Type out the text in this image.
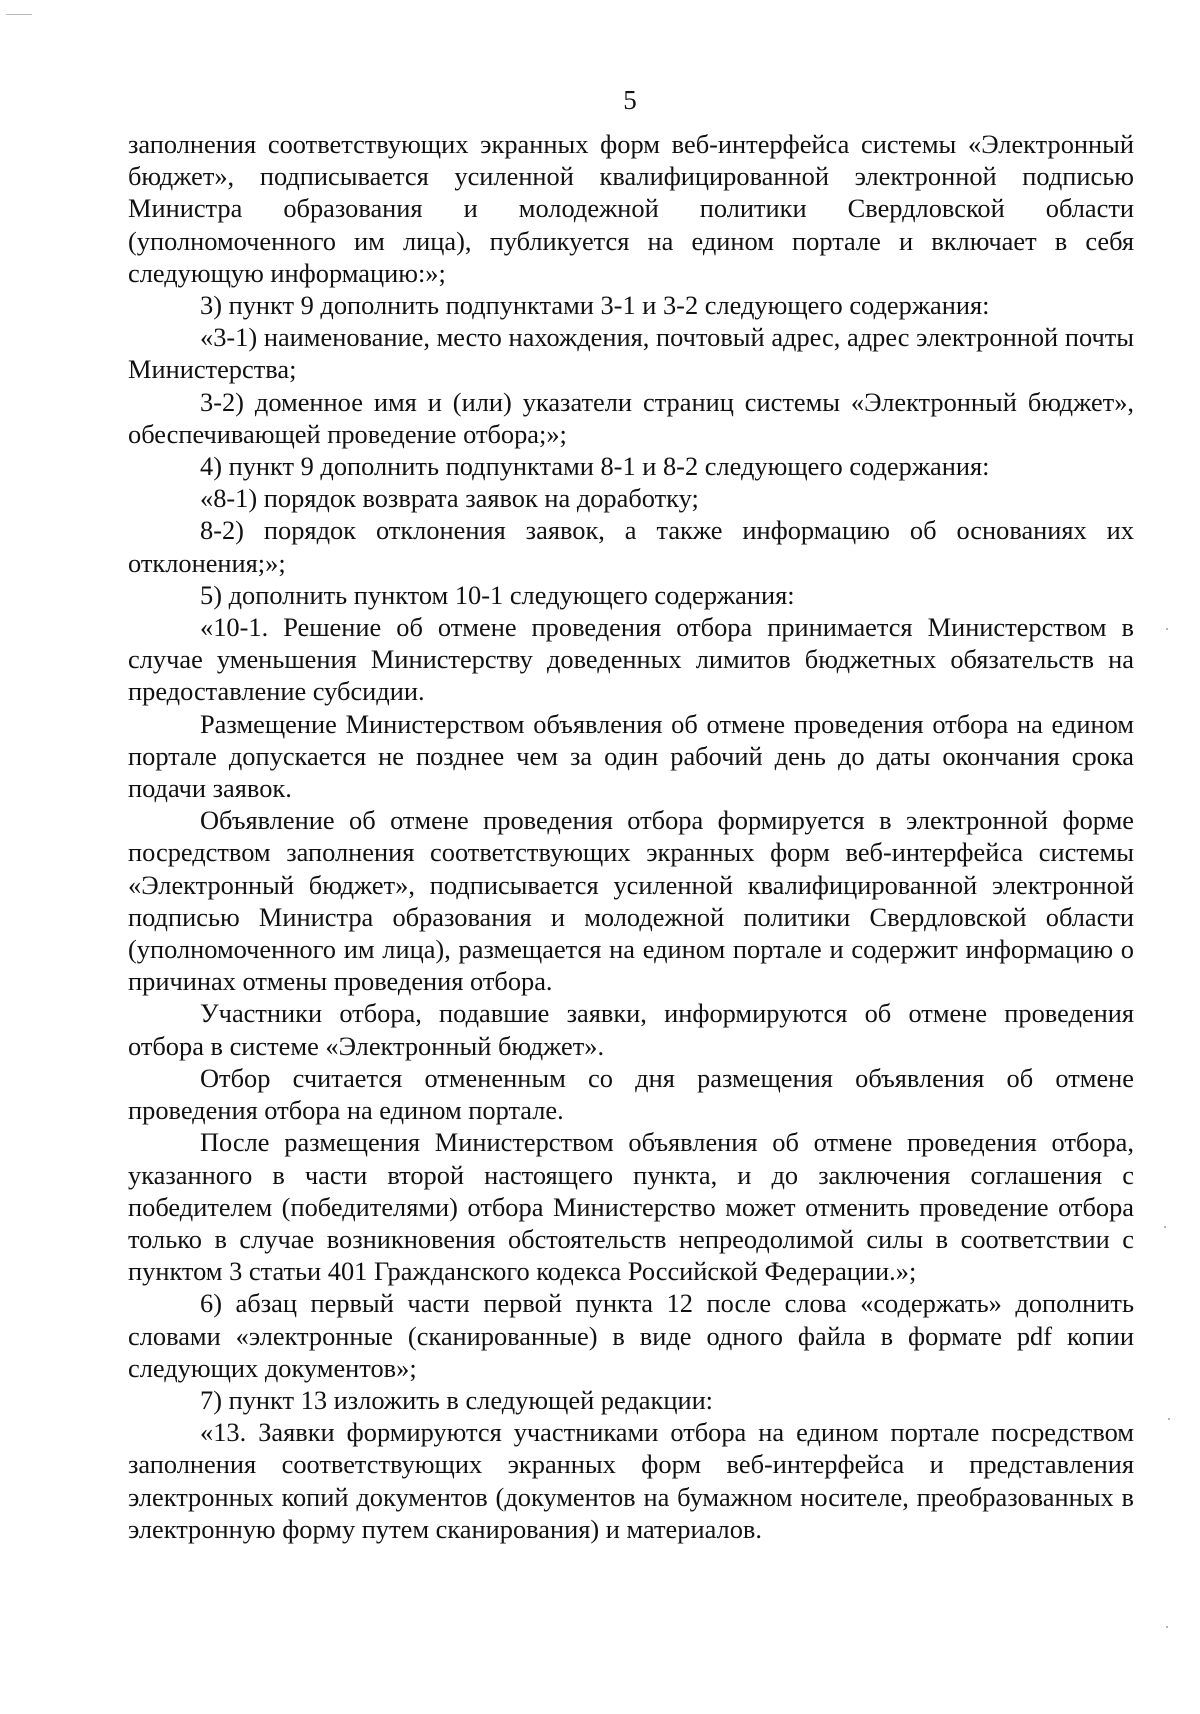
5

заполнения соответствующих экранных форм веб-интерфейса системы «Электронный бюджет», подписывается усиленной квалифицированной электронной подписью Министра образования и молодежной политики Свердловской области (уполномоченного им лица), публикуется на едином портале и включает в себя следующую информацию:»;

3) пункт 9 дополнить подпунктами 3-1 и 3-2 следующего содержания:

«3-1) наименование, место нахождения, почтовый адрес, адрес электронной почты Министерства;

3-2) доменное имя и (или) указатели страниц системы «Электронный бюджет», обеспечивающей проведение отбора;»;

4) пункт 9 дополнить подпунктами 8-1 и 8-2 следующего содержания:

«8-1) порядок возврата заявок на доработку;

8-2) порядок отклонения заявок, а также информацию об основаниях их отклонения;»;

5) дополнить пунктом 10-1 следующего содержания:

«10-1. Решение об отмене проведения отбора принимается Министерством в случае уменьшения Министерству доведенных лимитов бюджетных обязательств на предоставление субсидии.

Размещение Министерством объявления об отмене проведения отбора на едином портале допускается не позднее чем за один рабочий день до даты окончания срока подачи заявок.

Объявление об отмене проведения отбора формируется в электронной форме посредством заполнения соответствующих экранных форм веб-интерфейса системы «Электронный бюджет», подписывается усиленной квалифицированной электронной подписью Министра образования и молодежной политики Свердловской области (уполномоченного им лица), размещается на едином портале и содержит информацию о причинах отмены проведения отбора.

Участники отбора, подавшие заявки, информируются об отмене проведения отбора в системе «Электронный бюджет».

Отбор считается отмененным со дня размещения объявления об отмене проведения отбора на едином портале.

После размещения Министерством объявления об отмене проведения отбора, указанного в части второй настоящего пункта, и до заключения соглашения с победителем (победителями) отбора Министерство может отменить проведение отбора только в случае возникновения обстоятельств непреодолимой силы в соответствии с пунктом 3 статьи 401 Гражданского кодекса Российской Федерации.»;

6) абзац первый части первой пункта 12 после слова «содержать» дополнить словами «электронные (сканированные) в виде одного файла в формате pdf копии следующих документов»;

7) пункт 13 изложить в следующей редакции:

«13. Заявки формируются участниками отбора на едином портале посредством заполнения соответствующих экранных форм веб-интерфейса и представления электронных копий документов (документов на бумажном носителе, преобразованных в электронную форму путем сканирования) и материалов.
